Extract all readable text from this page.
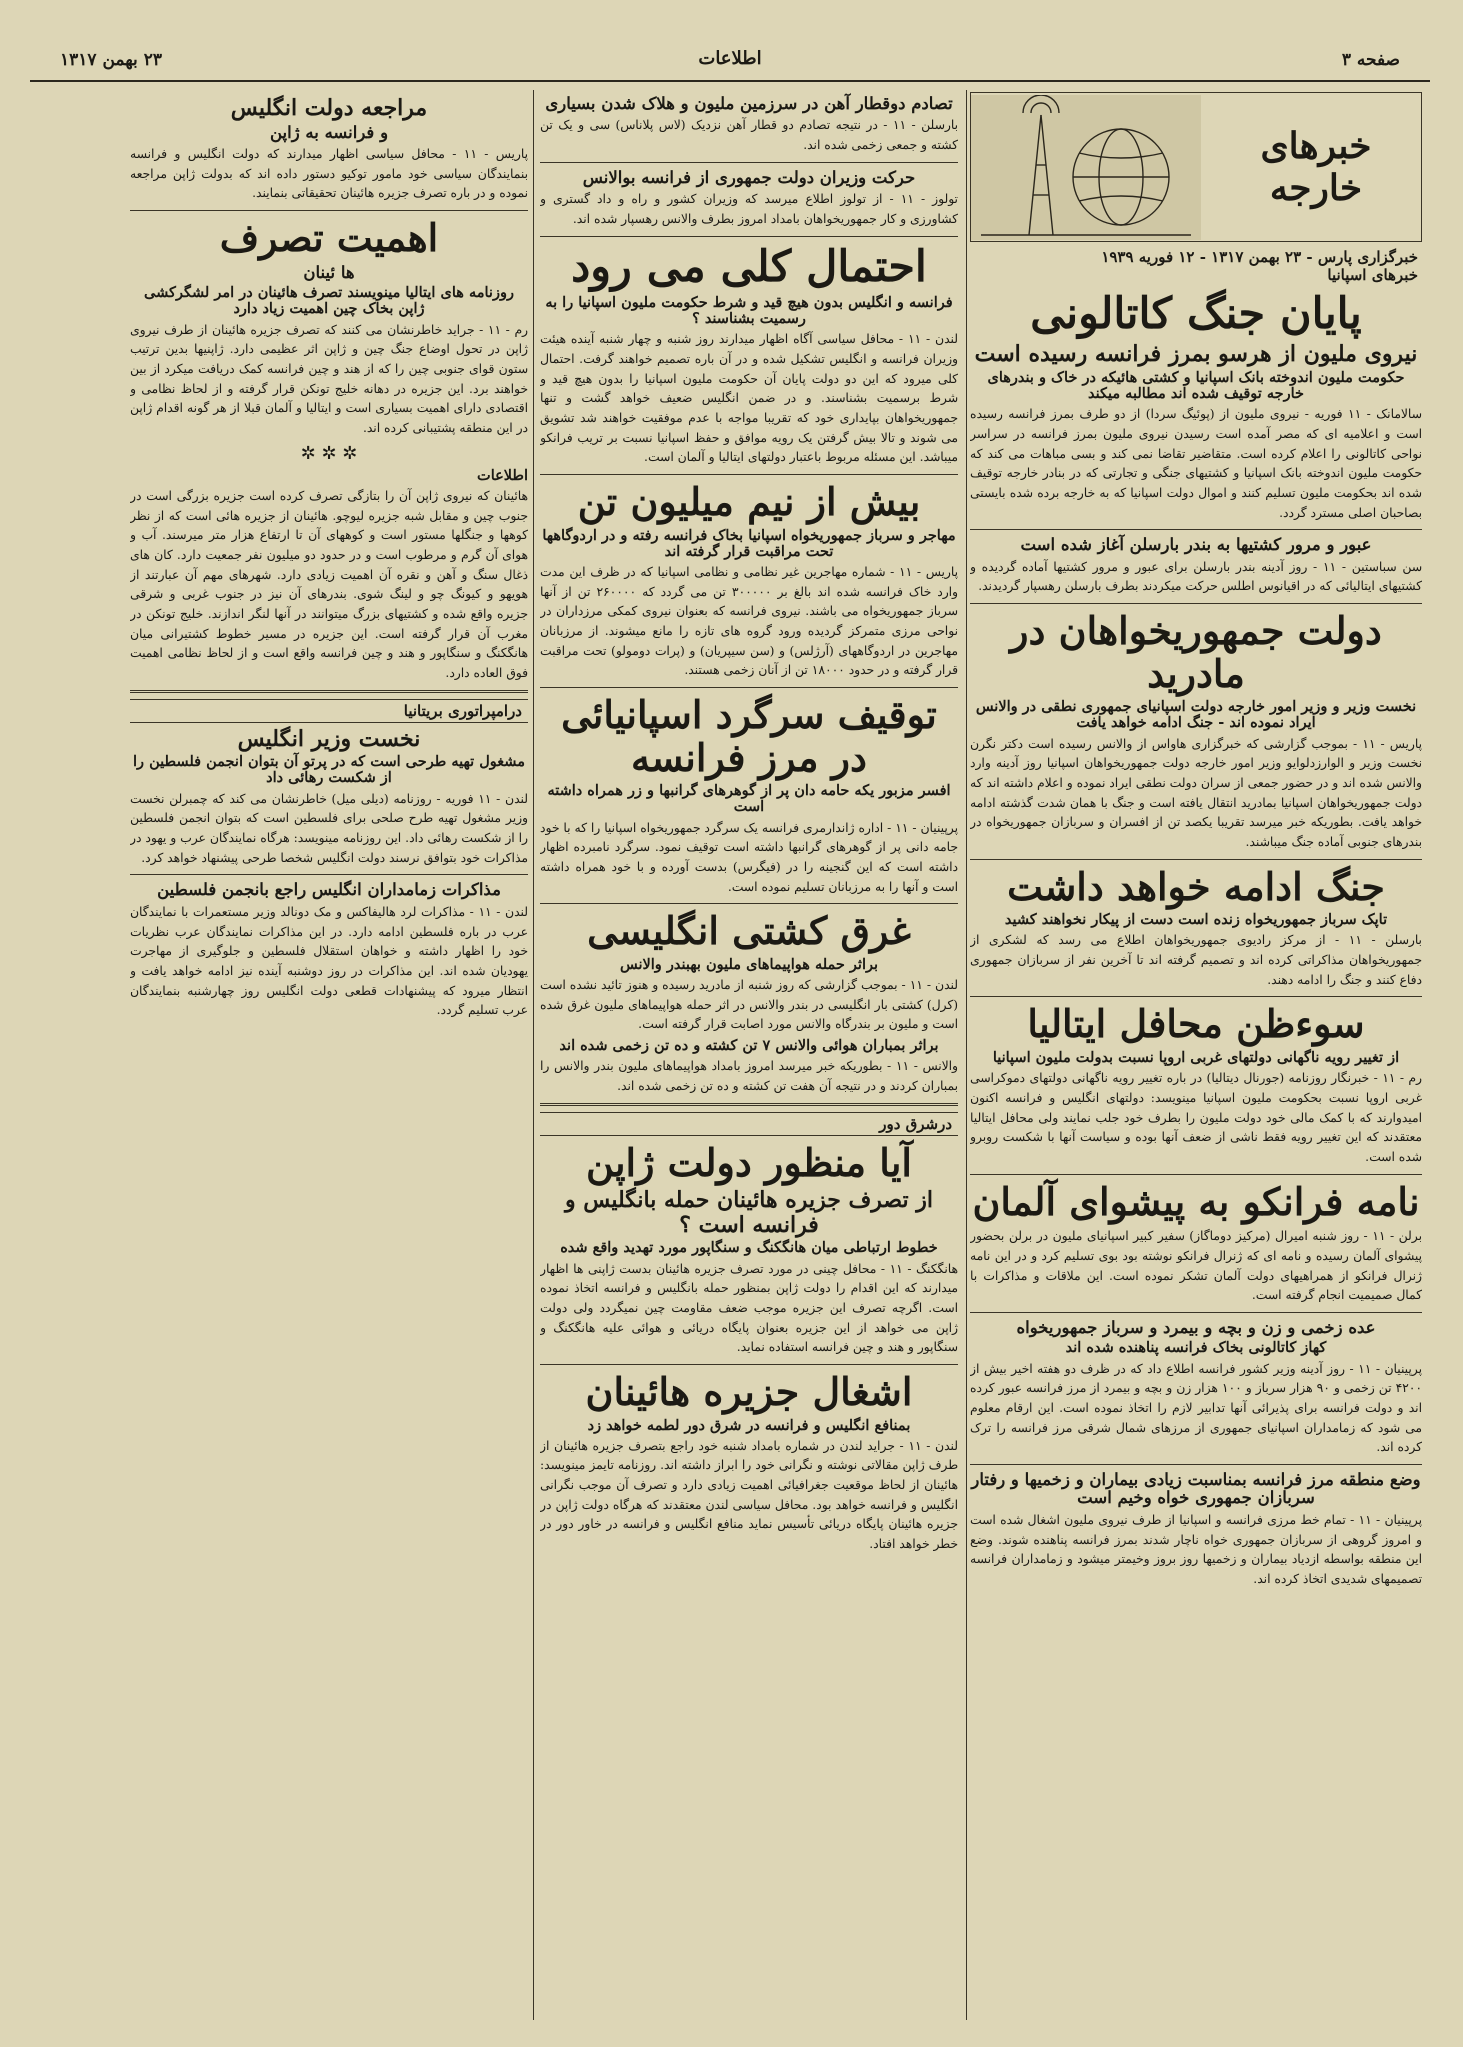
صفحه ۳
اطلاعات
۲۳ بهمن ۱۳۱۷
خبرهای خارجه
خبرگزاری پارس - ۲۳ بهمن ۱۳۱۷ - ۱۲ فوریه ۱۹۳۹
خبرهای اسپانیا
پایان جنگ کاتالونی
نیروی ملیون از هرسو بمرز فرانسه رسیده است
حکومت ملیون اندوخته بانک اسپانیا و کشتی هائیکه در خاک و بندرهای خارجه توقیف شده اند مطالبه میکند
سالامانک - ۱۱ فوریه - نیروی ملیون از (پوئیگ سردا) از دو طرف بمرز فرانسه رسیده است و اعلامیه ای که مصر آمده است رسیدن نیروی ملیون بمرز فرانسه در سراسر نواحی کاتالونی را اعلام کرده است. متقاضیر تقاضا نمی کند و بسی مباهات می کند که حکومت ملیون اندوخته بانک اسپانیا و کشتیهای جنگی و تجارتی که در بنادر خارجه توقیف شده اند بحکومت ملیون تسلیم کنند و اموال دولت اسپانیا که به خارجه برده شده بایستی بصاحبان اصلی مسترد گردد.
عبور و مرور کشتیها به بندر بارسلن آغاز شده است
سن سباستین - ۱۱ - روز آدینه بندر بارسلن برای عبور و مرور کشتیها آماده گردیده و کشتیهای ایتالیائی که در اقیانوس اطلس حرکت میکردند بطرف بارسلن رهسپار گردیدند.
دولت جمهوریخواهان در مادرید
نخست وزیر و وزیر امور خارجه دولت اسپانیای جمهوری نطقی در والانس ایراد نموده اند - جنگ ادامه خواهد یافت
پاریس - ۱۱ - بموجب گزارشی که خبرگزاری هاواس از والانس رسیده است دکتر نگرن نخست وزیر و الوارزدلوایو وزیر امور خارجه دولت جمهوریخواهان اسپانیا روز آدینه وارد والانس شده اند و در حضور جمعی از سران دولت نطقی ایراد نموده و اعلام داشته اند که دولت جمهوریخواهان اسپانیا بمادرید انتقال یافته است و جنگ با همان شدت گذشته ادامه خواهد یافت. بطوریکه خبر میرسد تقریبا یکصد تن از افسران و سربازان جمهوریخواه در بندرهای جنوبی آماده جنگ میباشند.
جنگ ادامه خواهد داشت
تاپک سرباز جمهوریخواه زنده است دست از پیکار نخواهند کشید
بارسلن - ۱۱ - از مرکز رادیوی جمهوریخواهان اطلاع می رسد که لشکری از جمهوریخواهان مذاکراتی کرده اند و تصمیم گرفته اند تا آخرین نفر از سربازان جمهوری دفاع کنند و جنگ را ادامه دهند.
سوءظن محافل ایتالیا
از تغییر رویه ناگهانی دولتهای غربی اروپا نسبت بدولت ملیون اسپانیا
رم - ۱۱ - خبرنگار روزنامه (جورنال دیتالیا) در باره تغییر رویه ناگهانی دولتهای دموکراسی غربی اروپا نسبت بحکومت ملیون اسپانیا مینویسد: دولتهای انگلیس و فرانسه اکنون امیدوارند که با کمک مالی خود دولت ملیون را بطرف خود جلب نمایند ولی محافل ایتالیا معتقدند که این تغییر رویه فقط ناشی از ضعف آنها بوده و سیاست آنها با شکست روبرو شده است.
نامه فرانکو به پیشوای آلمان
برلن - ۱۱ - روز شنبه امیرال (مرکیز دوماگاز) سفیر کبیر اسپانیای ملیون در برلن بحضور پیشوای آلمان رسیده و نامه ای که ژنرال فرانکو نوشته بود بوی تسلیم کرد و در این نامه ژنرال فرانکو از همراهیهای دولت آلمان تشکر نموده است. این ملاقات و مذاکرات با کمال صمیمیت انجام گرفته است.
عده زخمی و زن و بچه و بیمرد و سرباز جمهوریخواه
کهاز کاتالونی بخاک فرانسه پناهنده شده اند
پرپینیان - ۱۱ - روز آدینه وزیر کشور فرانسه اطلاع داد که در ظرف دو هفته اخیر بیش از ۴۲۰۰ تن زخمی و ۹۰ هزار سرباز و ۱۰۰ هزار زن و بچه و بیمرد از مرز فرانسه عبور کرده اند و دولت فرانسه برای پذیرائی آنها تدابیر لازم را اتخاذ نموده است. این ارقام معلوم می شود که زمامداران اسپانیای جمهوری از مرزهای شمال شرقی مرز فرانسه را ترک کرده اند.
وضع منطقه مرز فرانسه بمناسبت زیادی بیماران و زخمیها و رفتار سربازان جمهوری خواه وخیم است
پرپینیان - ۱۱ - تمام خط مرزی فرانسه و اسپانیا از طرف نیروی ملیون اشغال شده است و امروز گروهی از سربازان جمهوری خواه ناچار شدند بمرز فرانسه پناهنده شوند. وضع این منطقه بواسطه ازدیاد بیماران و زخمیها روز بروز وخیمتر میشود و زمامداران فرانسه تصمیمهای شدیدی اتخاذ کرده اند.
تصادم دوقطار آهن در سرزمین ملیون و هلاک شدن بسیاری
بارسلن - ۱۱ - در نتیجه تصادم دو قطار آهن نزدیک (لاس پلاناس) سی و یک تن کشته و جمعی زخمی شده اند.
حرکت وزیران دولت جمهوری از فرانسه بوالانس
تولوز - ۱۱ - از تولوز اطلاع میرسد که وزیران کشور و راه و داد گستری و کشاورزی و کار جمهوریخواهان بامداد امروز بطرف والانس رهسپار شده اند.
احتمال کلی می رود
فرانسه و انگلیس بدون هیچ قید و شرط حکومت ملیون اسپانیا را به رسمیت بشناسند ؟
لندن - ۱۱ - محافل سیاسی آگاه اظهار میدارند روز شنبه و چهار شنبه آینده هیئت وزیران فرانسه و انگلیس تشکیل شده و در آن باره تصمیم خواهند گرفت. احتمال کلی میرود که این دو دولت پایان آن حکومت ملیون اسپانیا را بدون هیچ قید و شرط برسمیت بشناسند. و در ضمن انگلیس ضعیف خواهد گشت و تنها جمهوریخواهان بپایداری خود که تقریبا مواجه با عدم موفقیت خواهند شد تشویق می شوند و تالا بیش گرفتن یک رویه موافق و حفظ اسپانیا نسبت بر تریب فرانکو میباشد. این مسئله مربوط باعتبار دولتهای ایتالیا و آلمان است.
بیش از نیم میلیون تن
مهاجر و سرباز جمهوریخواه اسپانیا بخاک فرانسه رفته و در اردوگاهها تحت مراقبت قرار گرفته اند
پاریس - ۱۱ - شماره مهاجرین غیر نظامی و نظامی اسپانیا که در ظرف این مدت وارد خاک فرانسه شده اند بالغ بر ۳۰۰۰۰۰ تن می گردد که ۲۶۰۰۰۰ تن از آنها سرباز جمهوریخواه می باشند. نیروی فرانسه که بعنوان نیروی کمکی مرزداران در نواحی مرزی متمرکز گردیده ورود گروه های تازه را مانع میشوند. از مرزبانان مهاجرین در اردوگاههای (آرژلس) و (سن سیپریان) و (پرات دومولو) تحت مراقبت قرار گرفته و در حدود ۱۸۰۰۰ تن از آنان زخمی هستند.
توقیف سرگرد اسپانیائی در مرز فرانسه
افسر مزبور یکه حامه دان پر از گوهرهای گرانبها و زر همراه داشته است
پرپینیان - ۱۱ - اداره ژاندارمری فرانسه یک سرگرد جمهوریخواه اسپانیا را که با خود جامه دانی پر از گوهرهای گرانبها داشته است توقیف نمود. سرگرد نامبرده اظهار داشته است که این گنجینه را در (فیگرس) بدست آورده و با خود همراه داشته است و آنها را به مرزبانان تسلیم نموده است.
غرق کشتی انگلیسی
براثر حمله هواپیماهای ملیون بهبندر والانس
لندن - ۱۱ - بموجب گزارشی که روز شنبه از مادرید رسیده و هنوز تائید نشده است (کرل) کشتی بار انگلیسی در بندر والانس در اثر حمله هواپیماهای ملیون غرق شده است و ملیون بر بندرگاه والانس مورد اصابت قرار گرفته است.
براثر بمباران هوائی والانس ۷ تن کشته و ده تن زخمی شده اند
والانس - ۱۱ - بطوریکه خبر میرسد امروز بامداد هواپیماهای ملیون بندر والانس را بمباران کردند و در نتیجه آن هفت تن کشته و ده تن زخمی شده اند.
درشرق دور
آیا منظور دولت ژاپن
از تصرف جزیره هائینان حمله بانگلیس و فرانسه است ؟
خطوط ارتباطی میان هانگکنگ و سنگاپور مورد تهدید واقع شده
هانگکنگ - ۱۱ - محافل چینی در مورد تصرف جزیره هائینان بدست ژاپنی ها اظهار میدارند که این اقدام را دولت ژاپن بمنظور حمله بانگلیس و فرانسه اتخاذ نموده است. اگرچه تصرف این جزیره موجب ضعف مقاومت چین نمیگردد ولی دولت ژاپن می خواهد از این جزیره بعنوان پایگاه دریائی و هوائی علیه هانگکنگ و سنگاپور و هند و چین فرانسه استفاده نماید.
اشغال جزیره هائینان
بمنافع انگلیس و فرانسه در شرق دور لطمه خواهد زد
لندن - ۱۱ - جراید لندن در شماره بامداد شنبه خود راجع بتصرف جزیره هائینان از طرف ژاپن مقالاتی نوشته و نگرانی خود را ابراز داشته اند. روزنامه تایمز مینویسد: هائینان از لحاظ موقعیت جغرافیائی اهمیت زیادی دارد و تصرف آن موجب نگرانی انگلیس و فرانسه خواهد بود. محافل سیاسی لندن معتقدند که هرگاه دولت ژاپن در جزیره هائینان پایگاه دریائی تأسیس نماید منافع انگلیس و فرانسه در خاور دور در خطر خواهد افتاد.
مراجعه دولت انگلیس
و فرانسه به ژاپن
پاریس - ۱۱ - محافل سیاسی اظهار میدارند که دولت انگلیس و فرانسه بنمایندگان سیاسی خود مامور توکیو دستور داده اند که بدولت ژاپن مراجعه نموده و در باره تصرف جزیره هائینان تحقیقاتی بنمایند.
اهمیت تصرف
ها ئینان
روزنامه های ایتالیا مینویسند تصرف هائینان در امر لشگرکشی ژاپن بخاک چین اهمیت زیاد دارد
رم - ۱۱ - جراید خاطرنشان می کنند که تصرف جزیره هائینان از طرف نیروی ژاپن در تحول اوضاع جنگ چین و ژاپن اثر عظیمی دارد. ژاپنیها بدین ترتیب ستون قوای جنوبی چین را که از هند و چین فرانسه کمک دریافت میکرد از بین خواهند برد. این جزیره در دهانه خلیج تونکن قرار گرفته و از لحاظ نظامی و اقتصادی دارای اهمیت بسیاری است و ایتالیا و آلمان قبلا از هر گونه اقدام ژاپن در این منطقه پشتیبانی کرده اند.
✲ ✲ ✲
اطلاعات
هائینان که نیروی ژاپن آن را بتازگی تصرف کرده است جزیره بزرگی است در جنوب چین و مقابل شبه جزیره لیوچو. هائینان از جزیره هائی است که از نظر کوهها و جنگلها مستور است و کوههای آن تا ارتفاع هزار متر میرسند. آب و هوای آن گرم و مرطوب است و در حدود دو میلیون نفر جمعیت دارد. کان های ذغال سنگ و آهن و نقره آن اهمیت زیادی دارد. شهرهای مهم آن عبارتند از هویهو و کیونگ چو و لینگ شوی. بندرهای آن نیز در جنوب غربی و شرقی جزیره واقع شده و کشتیهای بزرگ میتوانند در آنها لنگر اندازند. خلیج تونکن در مغرب آن قرار گرفته است. این جزیره در مسیر خطوط کشتیرانی میان هانگکنگ و سنگاپور و هند و چین فرانسه واقع است و از لحاظ نظامی اهمیت فوق العاده دارد.
درامپراتوری بریتانیا
نخست وزیر انگلیس
مشغول تهیه طرحی است که در پرتو آن بتوان انجمن فلسطین را از شکست رهائی داد
لندن - ۱۱ فوریه - روزنامه (دیلی میل) خاطرنشان می کند که چمبرلن نخست وزیر مشغول تهیه طرح صلحی برای فلسطین است که بتوان انجمن فلسطین را از شکست رهائی داد. این روزنامه مینویسد: هرگاه نمایندگان عرب و یهود در مذاکرات خود بتوافق نرسند دولت انگلیس شخصا طرحی پیشنهاد خواهد کرد.
مذاکرات زمامداران انگلیس راجع بانجمن فلسطین
لندن - ۱۱ - مذاکرات لرد هالیفاکس و مک دونالد وزیر مستعمرات با نمایندگان عرب در باره فلسطین ادامه دارد. در این مذاکرات نمایندگان عرب نظریات خود را اظهار داشته و خواهان استقلال فلسطین و جلوگیری از مهاجرت یهودیان شده اند. این مذاکرات در روز دوشنبه آینده نیز ادامه خواهد یافت و انتظار میرود که پیشنهادات قطعی دولت انگلیس روز چهارشنبه بنمایندگان عرب تسلیم گردد.
